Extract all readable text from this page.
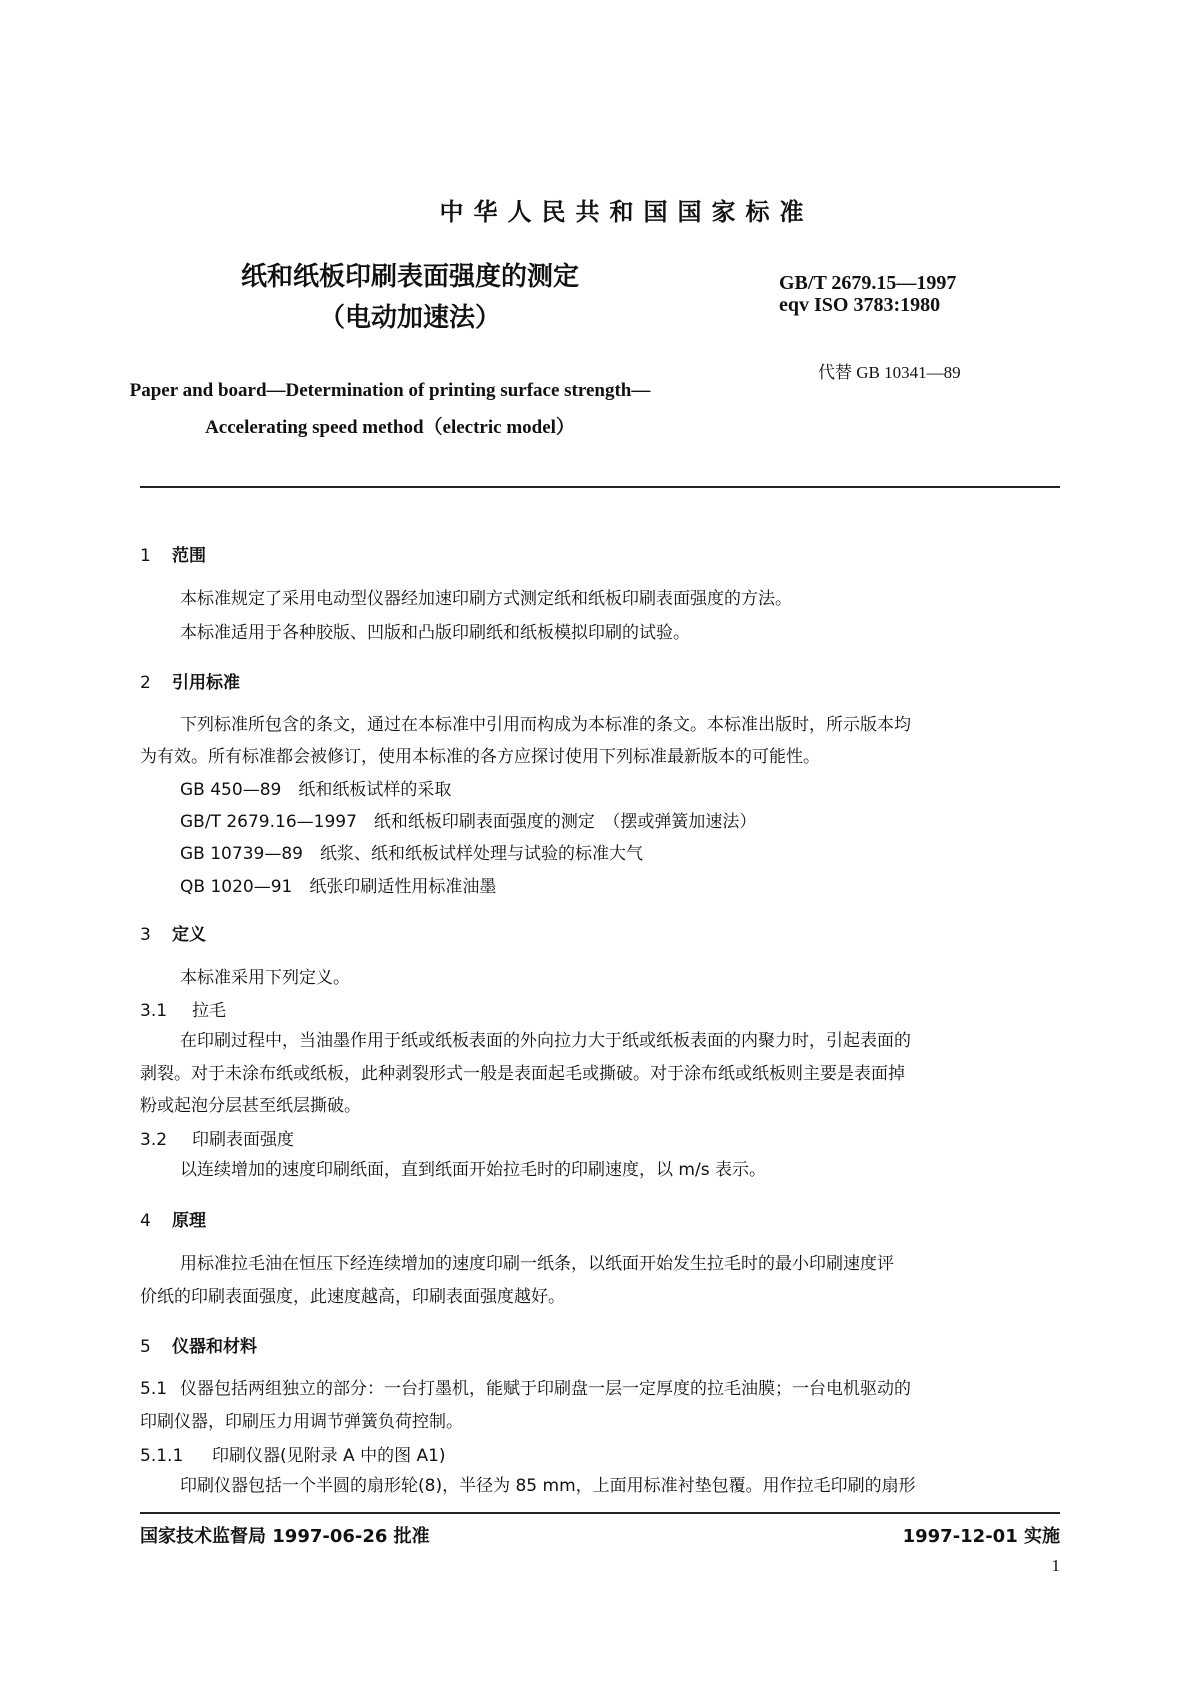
中华人民共和国国家标准
纸和纸板印刷表面强度的测定
（电动加速法）
GB/T 2679.15—1997
eqv ISO 3783:1980
代替 GB 10341—89
Paper and board—Determination of printing surface strength—
Accelerating speed method（electric model）
1 范围
本标准规定了采用电动型仪器经加速印刷方式测定纸和纸板印刷表面强度的方法。
本标准适用于各种胶版、凹版和凸版印刷纸和纸板模拟印刷的试验。
2 引用标准
下列标准所包含的条文，通过在本标准中引用而构成为本标准的条文。本标准出版时，所示版本均
为有效。所有标准都会被修订，使用本标准的各方应探讨使用下列标准最新版本的可能性。
GB 450—89　纸和纸板试样的采取
GB/T 2679.16—1997　纸和纸板印刷表面强度的测定　（摆或弹簧加速法）
GB 10739—89　纸浆、纸和纸板试样处理与试验的标准大气
QB 1020—91　纸张印刷适性用标准油墨
3 定义
本标准采用下列定义。
3.1 拉毛
在印刷过程中，当油墨作用于纸或纸板表面的外向拉力大于纸或纸板表面的内聚力时，引起表面的
剥裂。对于未涂布纸或纸板，此种剥裂形式一般是表面起毛或撕破。对于涂布纸或纸板则主要是表面掉
粉或起泡分层甚至纸层撕破。
3.2 印刷表面强度
以连续增加的速度印刷纸面，直到纸面开始拉毛时的印刷速度，以 m/s 表示。
4 原理
用标准拉毛油在恒压下经连续增加的速度印刷一纸条，以纸面开始发生拉毛时的最小印刷速度评
价纸的印刷表面强度，此速度越高，印刷表面强度越好。
5 仪器和材料
5.1 仪器包括两组独立的部分：一台打墨机，能赋于印刷盘一层一定厚度的拉毛油膜；一台电机驱动的
印刷仪器，印刷压力用调节弹簧负荷控制。
5.1.1 印刷仪器(见附录 A 中的图 A1)
印刷仪器包括一个半圆的扇形轮(8)，半径为 85 mm，上面用标准衬垫包覆。用作拉毛印刷的扇形
国家技术监督局 1997-06-26 批准	1997-12-01 实施
1
